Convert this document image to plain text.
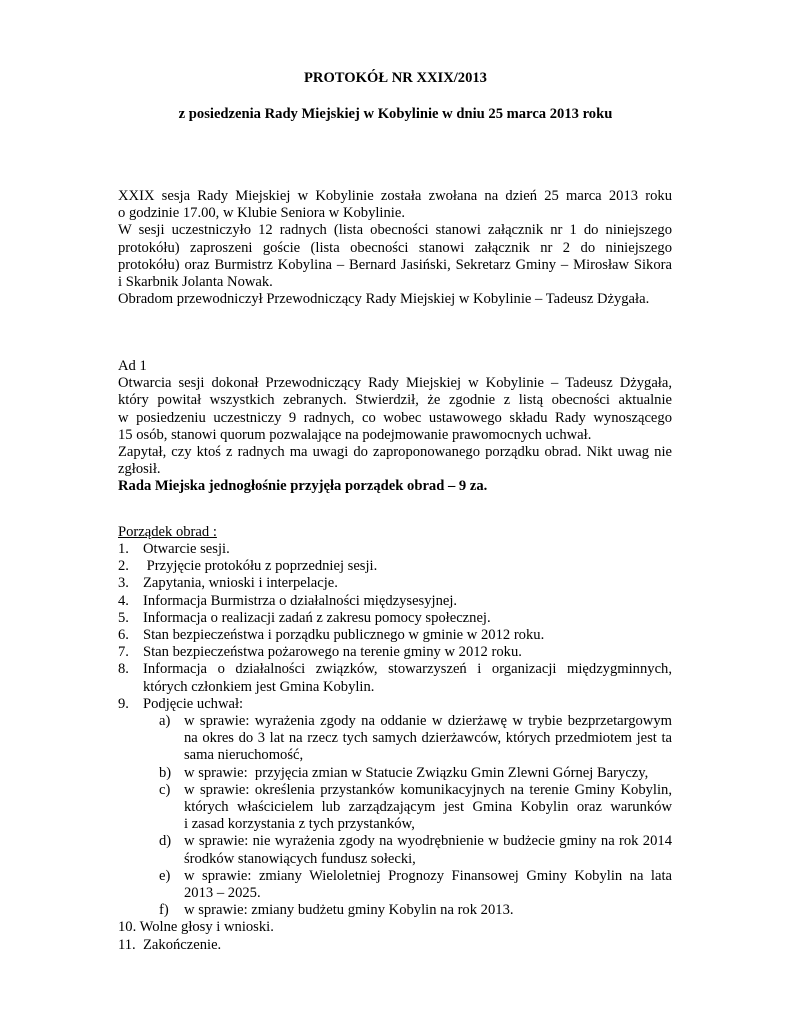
PROTOKÓŁ NR XXIX/2013
z posiedzenia Rady Miejskiej w Kobylinie w dniu 25 marca 2013 roku
XXIX sesja Rady Miejskiej w Kobylinie została zwołana na dzień 25 marca 2013 roku
o godzinie 17.00, w Klubie Seniora w Kobylinie.
W sesji uczestniczyło 12 radnych (lista obecności stanowi załącznik nr 1 do niniejszego
protokółu) zaproszeni goście (lista obecności stanowi załącznik nr 2 do niniejszego
protokółu) oraz Burmistrz Kobylina – Bernard Jasiński, Sekretarz Gminy – Mirosław Sikora
i Skarbnik Jolanta Nowak.
Obradom przewodniczył Przewodniczący Rady Miejskiej w Kobylinie – Tadeusz Dżygała.
Ad 1
Otwarcia sesji dokonał Przewodniczący Rady Miejskiej w Kobylinie – Tadeusz Dżygała,
który powitał wszystkich zebranych. Stwierdził, że zgodnie z listą obecności aktualnie
w posiedzeniu uczestniczy 9 radnych, co wobec ustawowego składu Rady wynoszącego
15 osób, stanowi quorum pozwalające na podejmowanie prawomocnych uchwał.
Zapytał, czy ktoś z radnych ma uwagi do zaproponowanego porządku obrad. Nikt uwag nie
zgłosił.
Rada Miejska jednogłośnie przyjęła porządek obrad – 9 za.
Porządek obrad :
1. Otwarcie sesji.
2. Przyjęcie protokółu z poprzedniej sesji.
3. Zapytania, wnioski i interpelacje.
4. Informacja Burmistrza o działalności międzysesyjnej.
5. Informacja o realizacji zadań z zakresu pomocy społecznej.
6. Stan bezpieczeństwa i porządku publicznego w gminie w 2012 roku.
7. Stan bezpieczeństwa pożarowego na terenie gminy w 2012 roku.
8. Informacja o działalności związków, stowarzyszeń i organizacji międzygminnych,
których członkiem jest Gmina Kobylin.
9. Podjęcie uchwał:
a) w sprawie: wyrażenia zgody na oddanie w dzierżawę w trybie bezprzetargowym
na okres do 3 lat na rzecz tych samych dzierżawców, których przedmiotem jest ta
sama nieruchomość,
b) w sprawie:  przyjęcia zmian w Statucie Związku Gmin Zlewni Górnej Baryczy,
c) w sprawie: określenia przystanków komunikacyjnych na terenie Gminy Kobylin,
których właścicielem lub zarządzającym jest Gmina Kobylin oraz warunków
i zasad korzystania z tych przystanków,
d) w sprawie: nie wyrażenia zgody na wyodrębnienie w budżecie gminy na rok 2014
środków stanowiących fundusz sołecki,
e) w sprawie: zmiany Wieloletniej Prognozy Finansowej Gminy Kobylin na lata
2013 – 2025.
f) w sprawie: zmiany budżetu gminy Kobylin na rok 2013.
10. Wolne głosy i wnioski.
11.  Zakończenie.
